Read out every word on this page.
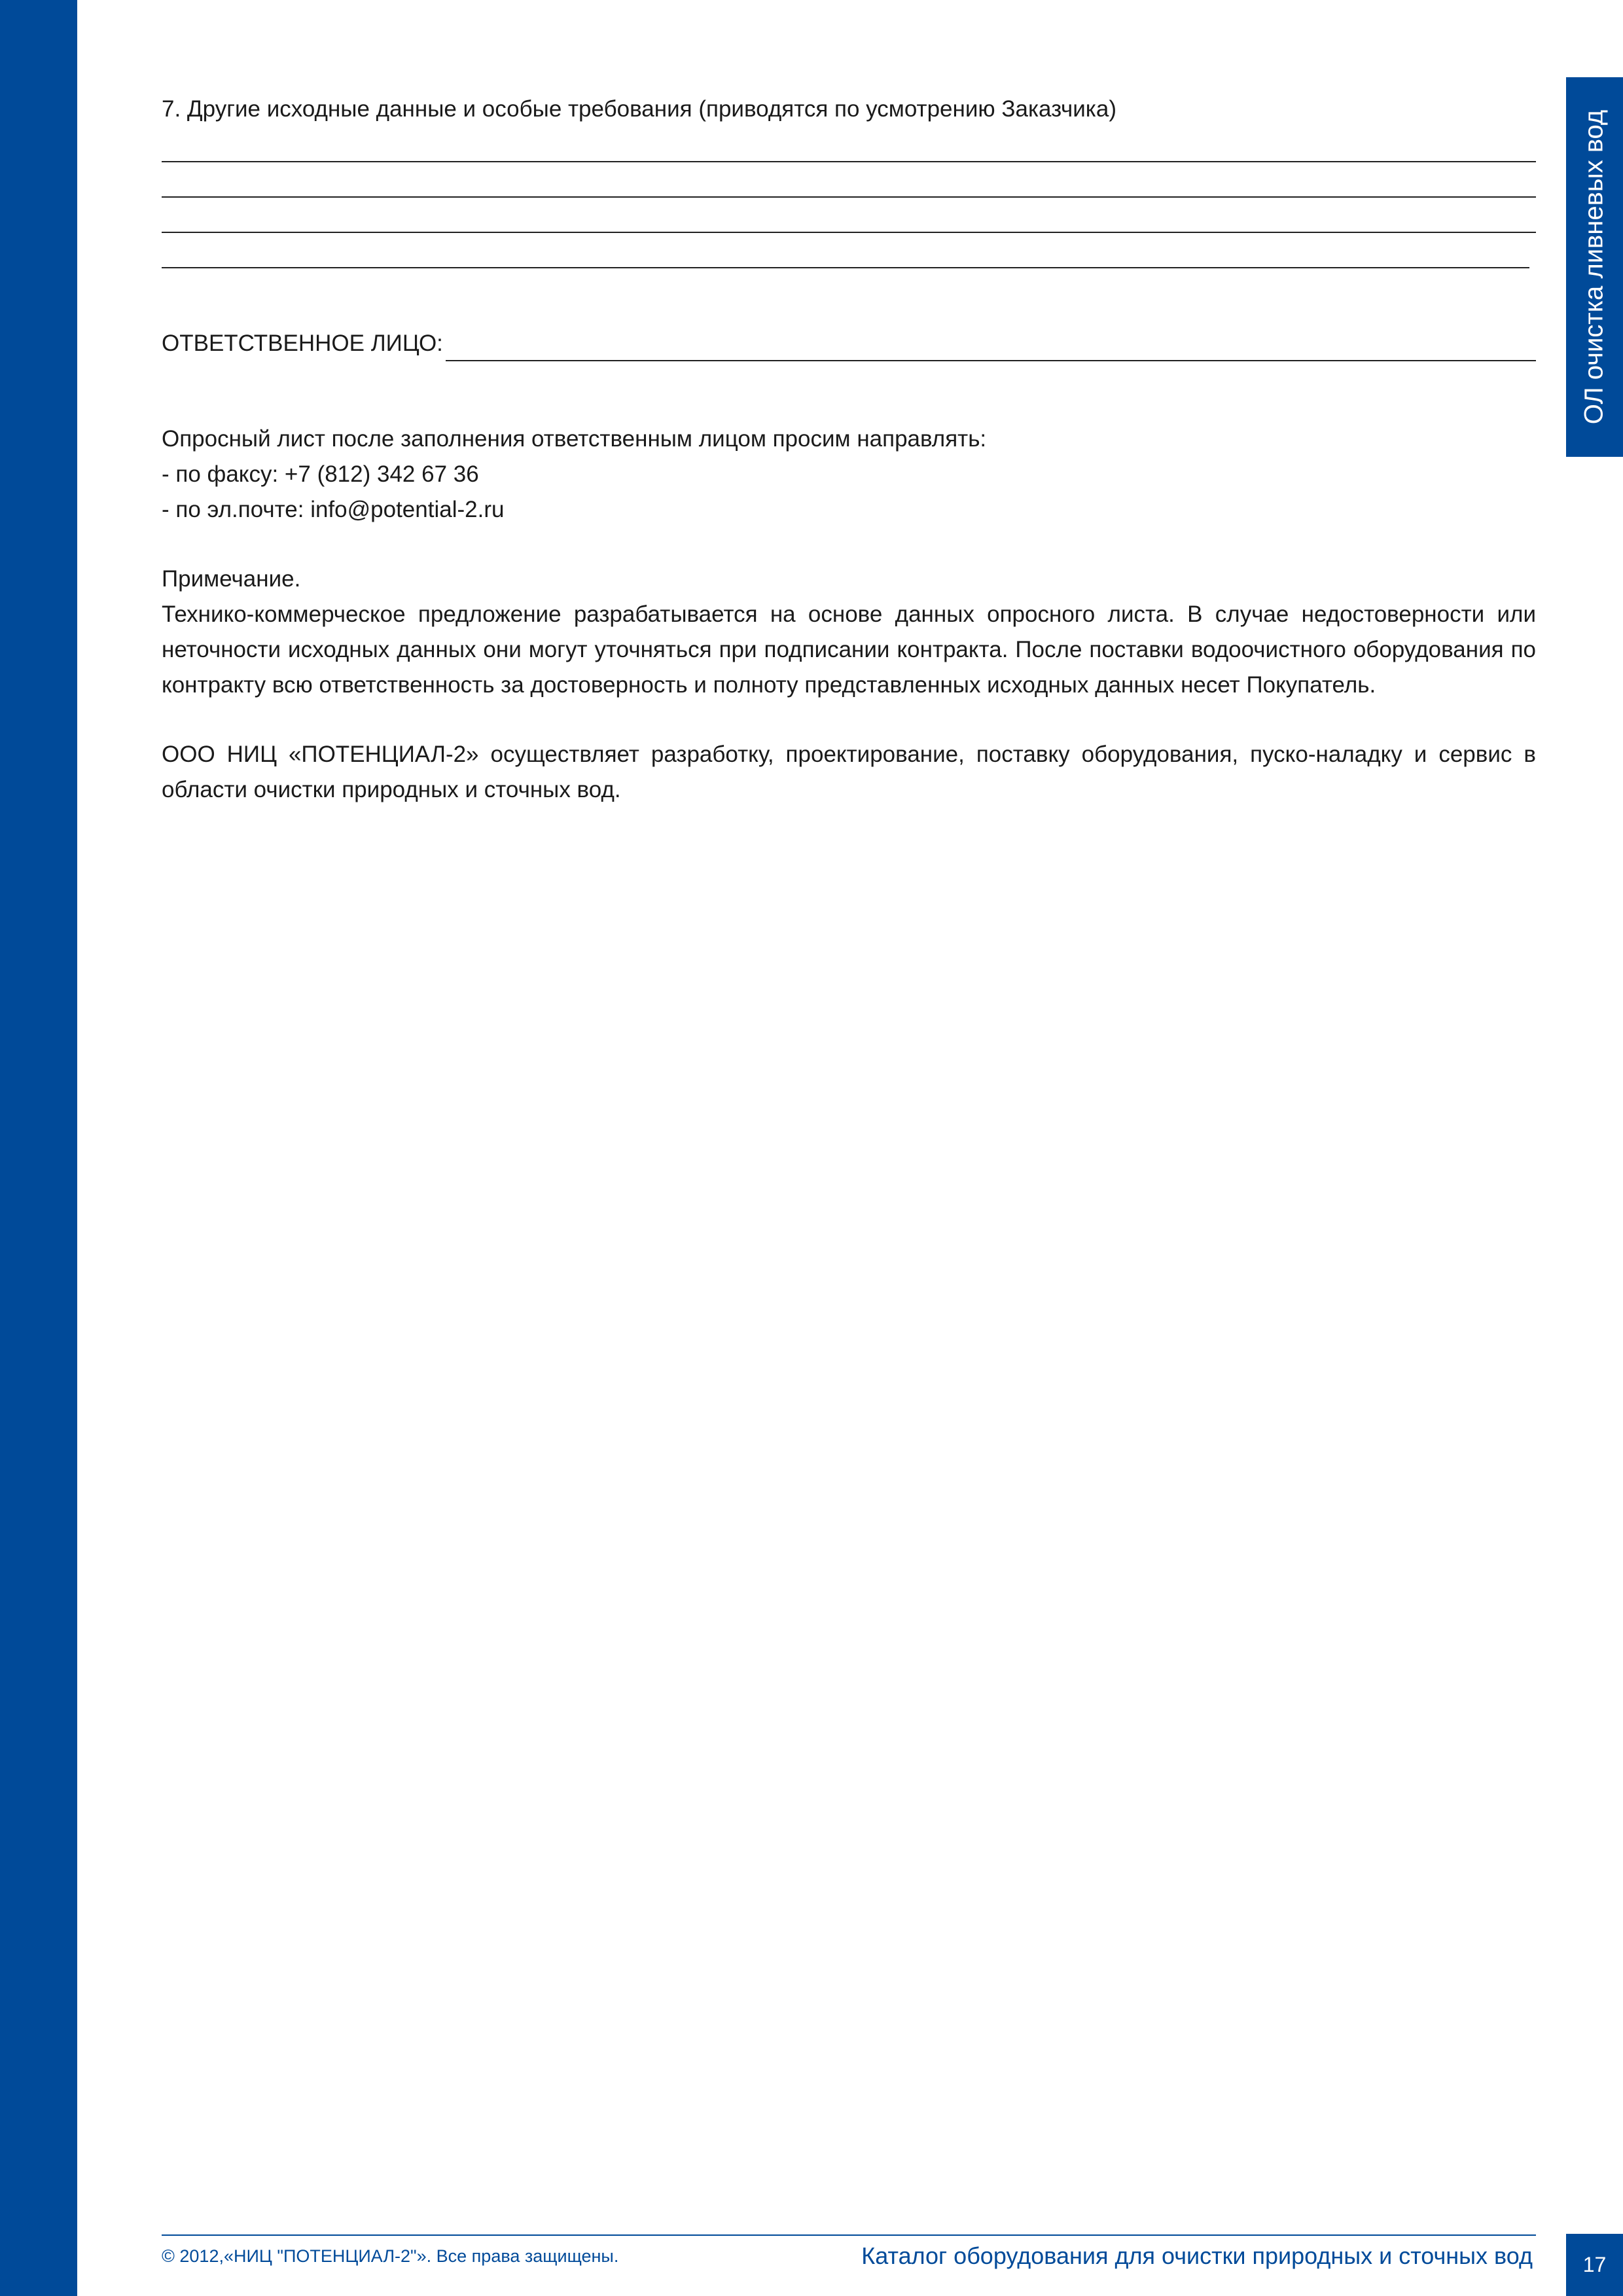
ОЛ очистка ливневых вод

7. Другие исходные данные и особые требования (приводятся по усмотрению Заказчика)

ОТВЕТСТВЕННОЕ ЛИЦО:

Опросный лист после заполнения ответственным лицом просим направлять:

- по факсу: +7 (812) 342 67 36

- по эл.почте: info@potential-2.ru

Примечание.

Технико-коммерческое предложение разрабатывается на основе данных опросного листа. В случае недостоверности или неточности исходных данных они могут уточняться при подписании контракта. После поставки водоочистного оборудования по контракту всю ответственность за достоверность и полноту представленных исходных данных несет Покупатель.

ООО НИЦ «ПОТЕНЦИАЛ-2» осуществляет разработку, проектирование, поставку оборудования, пуско-наладку и сервис в области очистки природных и сточных вод.

© 2012,«НИЦ "ПОТЕНЦИАЛ-2"». Все права защищены.	Каталог оборудования для очистки природных и сточных вод	17
